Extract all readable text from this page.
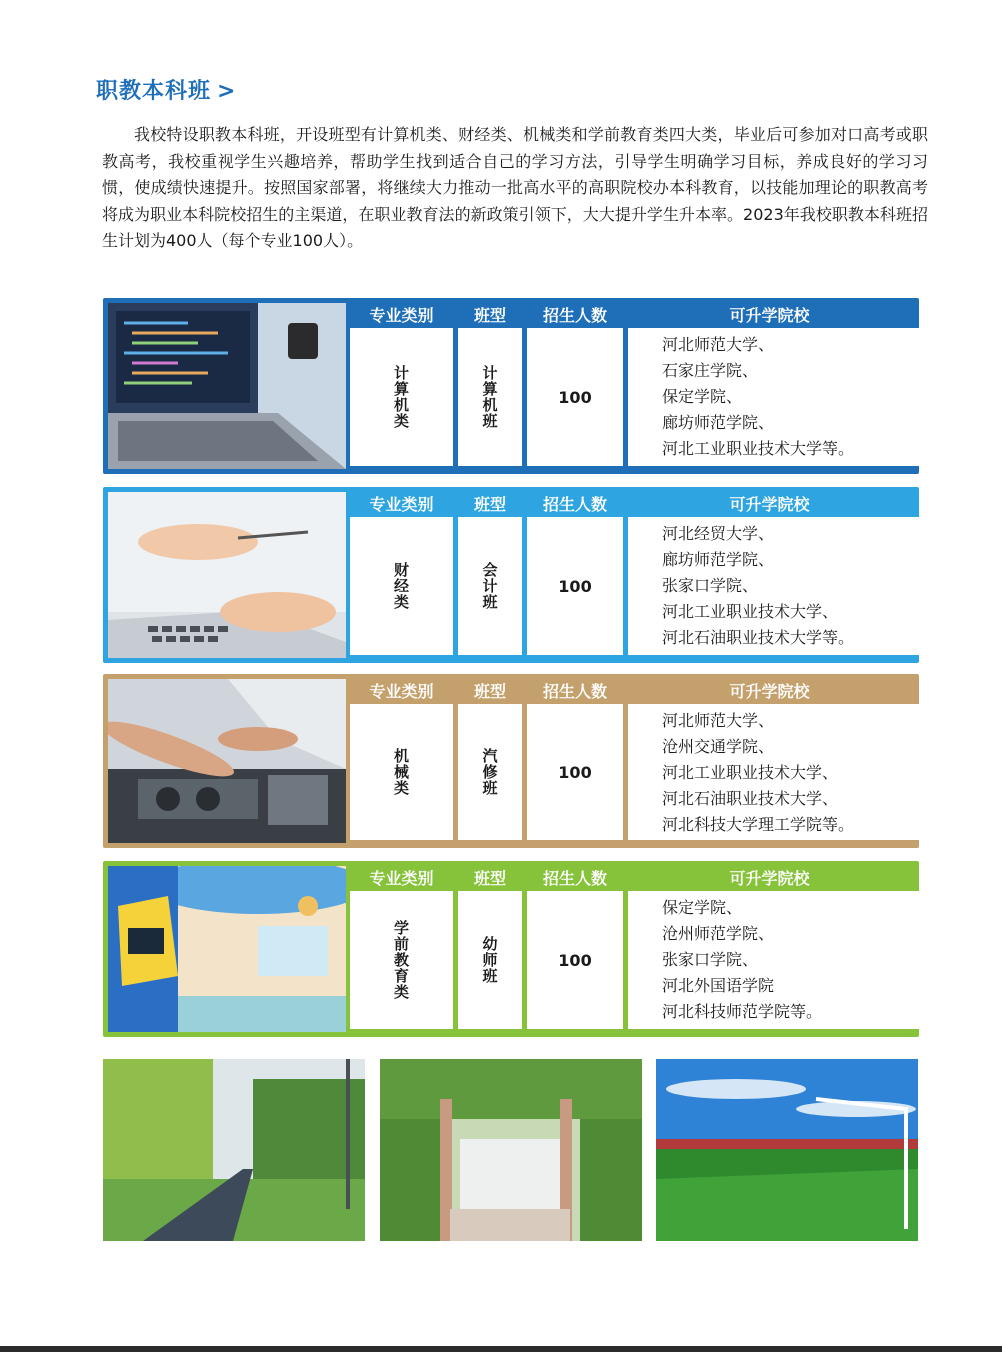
职教本科班 >
我校特设职教本科班，开设班型有计算机类、财经类、机械类和学前教育类四大类，毕业后可参加对口高考或职教高考，我校重视学生兴趣培养，帮助学生找到适合自己的学习方法，引导学生明确学习目标，养成良好的学习习惯，使成绩快速提升。按照国家部署，将继续大力推动一批高水平的高职院校办本科教育，以技能加理论的职教高考将成为职业本科院校招生的主渠道，在职业教育法的新政策引领下，大大提升学生升本率。2023年我校职教本科班招生计划为400人（每个专业100人）。
专业类别	班型	招生人数	可升学院校
计算机类	计算机班	100
河北师范大学、
石家庄学院、
保定学院、
廊坊师范学院、
河北工业职业技术大学等。
专业类别	班型	招生人数	可升学院校
财经类	会计班	100
河北经贸大学、
廊坊师范学院、
张家口学院、
河北工业职业技术大学、
河北石油职业技术大学等。
专业类别	班型	招生人数	可升学院校
机械类	汽修班	100
河北师范大学、
沧州交通学院、
河北工业职业技术大学、
河北石油职业技术大学、
河北科技大学理工学院等。
专业类别	班型	招生人数	可升学院校
学前教育类	幼师班	100
保定学院、
沧州师范学院、
张家口学院、
河北外国语学院
河北科技师范学院等。
